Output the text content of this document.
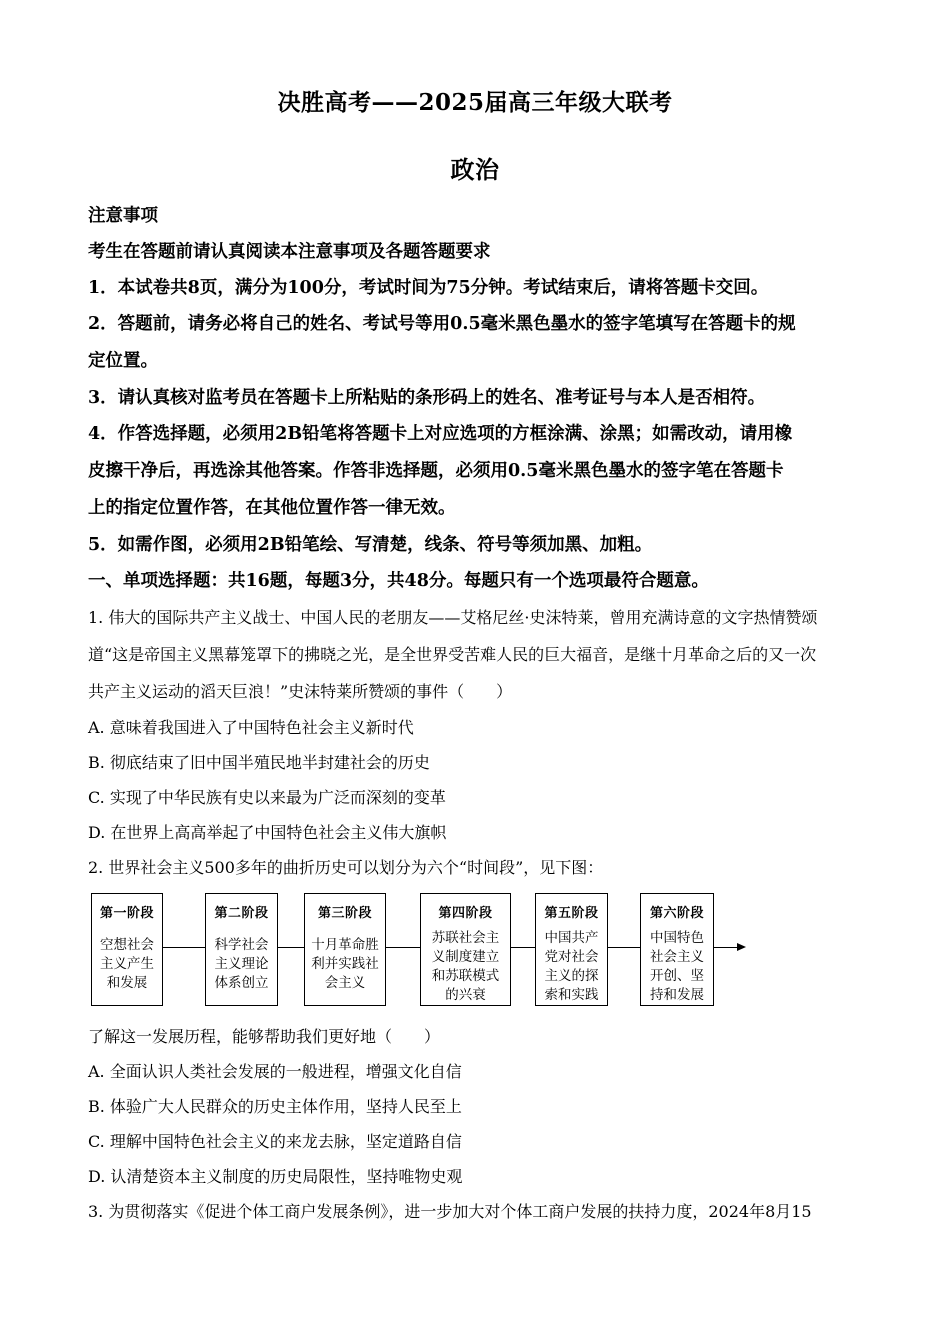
决胜高考——2025届高三年级大联考
政治
注意事项
考生在答题前请认真阅读本注意事项及各题答题要求
1．本试卷共8页，满分为100分，考试时间为75分钟。考试结束后，请将答题卡交回。
2．答题前，请务必将自己的姓名、考试号等用0.5毫米黑色墨水的签字笔填写在答题卡的规
定位置。
3．请认真核对监考员在答题卡上所粘贴的条形码上的姓名、准考证号与本人是否相符。
4．作答选择题，必须用2B铅笔将答题卡上对应选项的方框涂满、涂黑；如需改动，请用橡
皮擦干净后，再选涂其他答案。作答非选择题，必须用0.5毫米黑色墨水的签字笔在答题卡
上的指定位置作答，在其他位置作答一律无效。
5．如需作图，必须用2B铅笔绘、写清楚，线条、符号等须加黑、加粗。
一、单项选择题：共16题，每题3分，共48分。每题只有一个选项最符合题意。
1. 伟大的国际共产主义战士、中国人民的老朋友——艾格尼丝·史沫特莱，曾用充满诗意的文字热情赞颂
道“这是帝国主义黑幕笼罩下的拂晓之光，是全世界受苦难人民的巨大福音，是继十月革命之后的又一次
共产主义运动的滔天巨浪！”史沫特莱所赞颂的事件（　　）
A. 意味着我国进入了中国特色社会主义新时代
B. 彻底结束了旧中国半殖民地半封建社会的历史
C. 实现了中华民族有史以来最为广泛而深刻的变革
D. 在世界上高高举起了中国特色社会主义伟大旗帜
2. 世界社会主义500多年的曲折历史可以划分为六个“时间段”，见下图：
第一阶段
空想社会
主义产生
和发展
第二阶段
科学社会
主义理论
体系创立
第三阶段
十月革命胜
利并实践社
会主义
第四阶段
苏联社会主
义制度建立
和苏联模式
的兴衰
第五阶段
中国共产
党对社会
主义的探
索和实践
第六阶段
中国特色
社会主义
开创、坚
持和发展
了解这一发展历程，能够帮助我们更好地（　　）
A. 全面认识人类社会发展的一般进程，增强文化自信
B. 体验广大人民群众的历史主体作用，坚持人民至上
C. 理解中国特色社会主义的来龙去脉，坚定道路自信
D. 认清楚资本主义制度的历史局限性，坚持唯物史观
3. 为贯彻落实《促进个体工商户发展条例》，进一步加大对个体工商户发展的扶持力度，2024年8月15
